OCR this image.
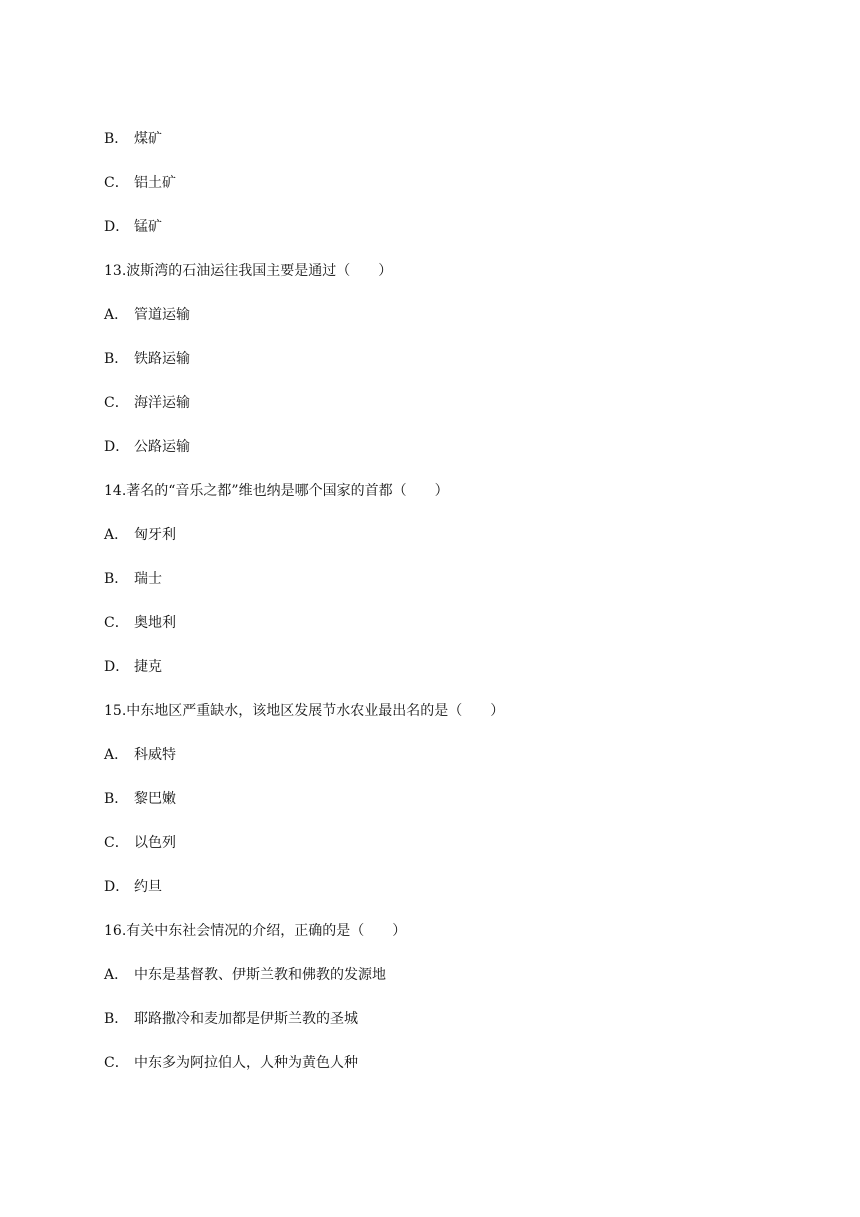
B． 煤矿
C． 铝土矿
D． 锰矿
13.波斯湾的石油运往我国主要是通过（　　）
A． 管道运输
B． 铁路运输
C． 海洋运输
D． 公路运输
14.著名的“音乐之都”维也纳是哪个国家的首都（　　）
A． 匈牙利
B． 瑞士
C． 奥地利
D． 捷克
15.中东地区严重缺水，该地区发展节水农业最出名的是（　　）
A． 科威特
B． 黎巴嫩
C． 以色列
D． 约旦
16.有关中东社会情况的介绍，正确的是（　　）
A． 中东是基督教、伊斯兰教和佛教的发源地
B． 耶路撒冷和麦加都是伊斯兰教的圣城
C． 中东多为阿拉伯人，人种为黄色人种
